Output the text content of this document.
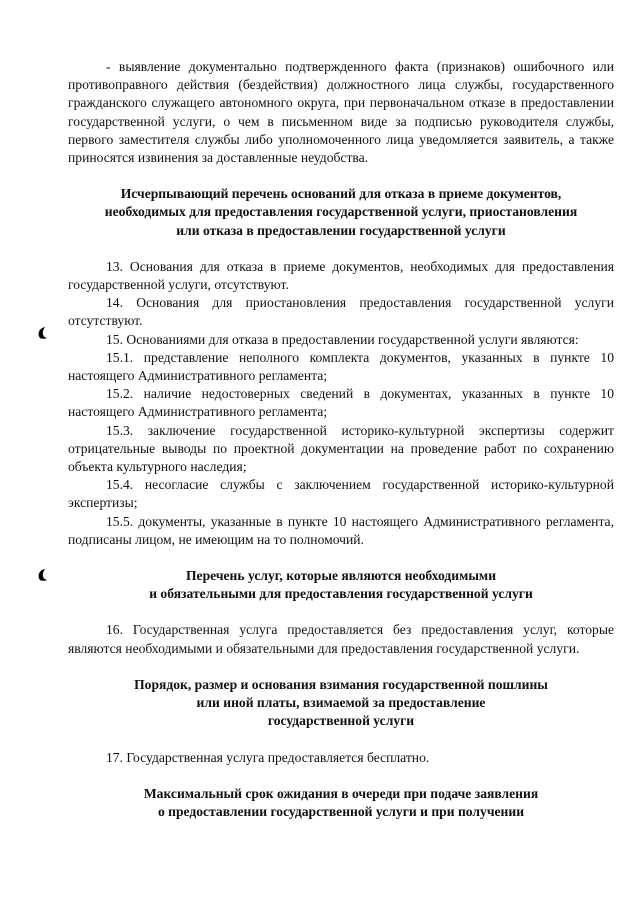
- выявление документально подтвержденного факта (признаков) ошибочного или противоправного действия (бездействия) должностного лица службы, государственного гражданского служащего автономного округа, при первоначальном отказе в предоставлении государственной услуги, о чем в письменном виде за подписью руководителя службы, первого заместителя службы либо уполномоченного лица уведомляется заявитель, а также приносятся извинения за доставленные неудобства.

Исчерпывающий перечень оснований для отказа в приеме документов,
необходимых для предоставления государственной услуги, приостановления
или отказа в предоставлении государственной услуги

13. Основания для отказа в приеме документов, необходимых для предоставления государственной услуги, отсутствуют.

14. Основания для приостановления предоставления государственной услуги отсутствуют.

15. Основаниями для отказа в предоставлении государственной услуги являются:

15.1. представление неполного комплекта документов, указанных в пункте 10 настоящего Административного регламента;

15.2. наличие недостоверных сведений в документах, указанных в пункте 10 настоящего Административного регламента;

15.3. заключение государственной историко-культурной экспертизы содержит отрицательные выводы по проектной документации на проведение работ по сохранению объекта культурного наследия;

15.4. несогласие службы с заключением государственной историко-культурной экспертизы;

15.5. документы, указанные в пункте 10 настоящего Административного регламента, подписаны лицом, не имеющим на то полномочий.

Перечень услуг, которые являются необходимыми
и обязательными для предоставления государственной услуги

16. Государственная услуга предоставляется без предоставления услуг, которые являются необходимыми и обязательными для предоставления государственной услуги.

Порядок, размер и основания взимания государственной пошлины
или иной платы, взимаемой за предоставление
государственной услуги

17. Государственная услуга предоставляется бесплатно.

Максимальный срок ожидания в очереди при подаче заявления
о предоставлении государственной услуги и при получении
